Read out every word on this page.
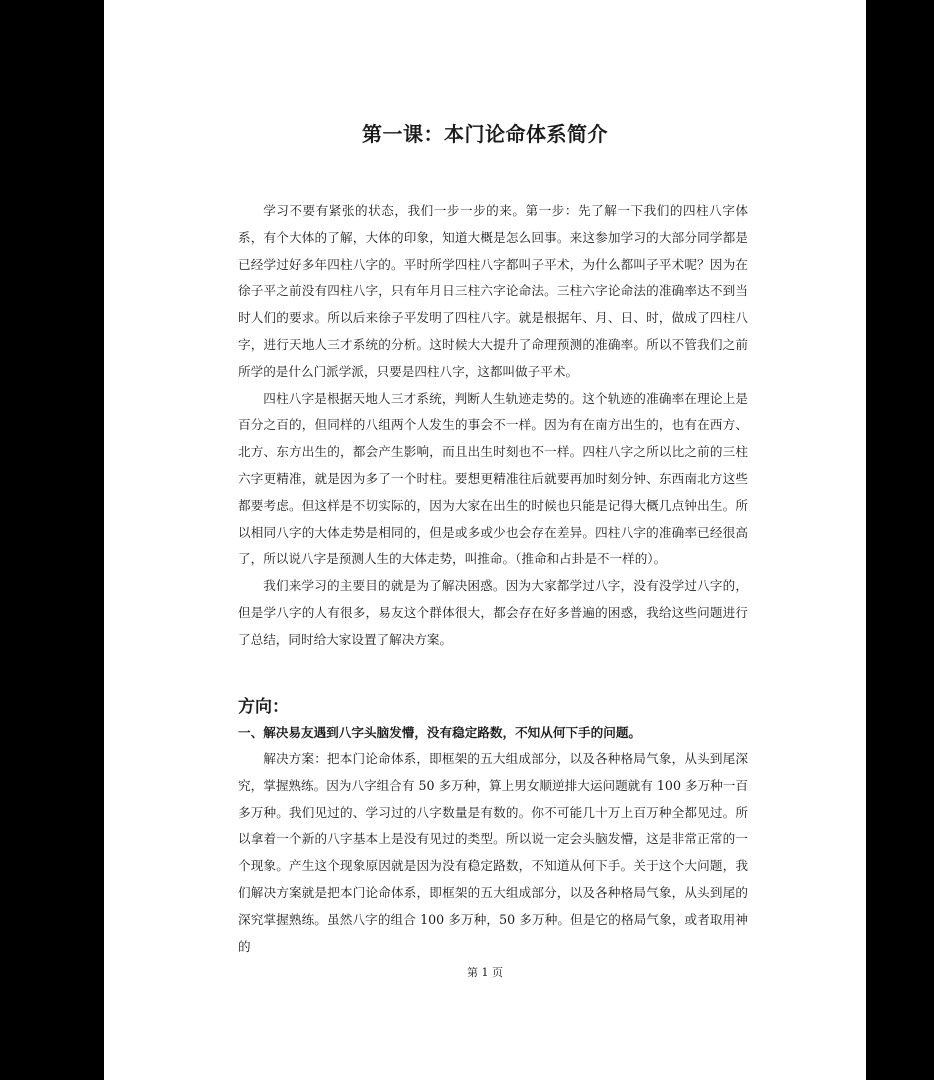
第一课：本门论命体系简介

学习不要有紧张的状态，我们一步一步的来。第一步：先了解一下我们的四柱八字体系，有个大体的了解，大体的印象，知道大概是怎么回事。来这参加学习的大部分同学都是已经学过好多年四柱八字的。平时所学四柱八字都叫子平术，为什么都叫子平术呢？因为在徐子平之前没有四柱八字，只有年月日三柱六字论命法。三柱六字论命法的准确率达不到当时人们的要求。所以后来徐子平发明了四柱八字。就是根据年、月、日、时，做成了四柱八字，进行天地人三才系统的分析。这时候大大提升了命理预测的准确率。所以不管我们之前所学的是什么门派学派，只要是四柱八字，这都叫做子平术。

四柱八字是根据天地人三才系统，判断人生轨迹走势的。这个轨迹的准确率在理论上是百分之百的，但同样的八组两个人发生的事会不一样。因为有在南方出生的，也有在西方、北方、东方出生的，都会产生影响，而且出生时刻也不一样。四柱八字之所以比之前的三柱六字更精准，就是因为多了一个时柱。要想更精准往后就要再加时刻分钟、东西南北方这些都要考虑。但这样是不切实际的，因为大家在出生的时候也只能是记得大概几点钟出生。所以相同八字的大体走势是相同的，但是或多或少也会存在差异。四柱八字的准确率已经很高了，所以说八字是预测人生的大体走势，叫推命。（推命和占卦是不一样的）。

我们来学习的主要目的就是为了解决困惑。因为大家都学过八字，没有没学过八字的，但是学八字的人有很多，易友这个群体很大，都会存在好多普遍的困惑，我给这些问题进行了总结，同时给大家设置了解决方案。

方向：
一、解决易友遇到八字头脑发懵，没有稳定路数，不知从何下手的问题。

解决方案：把本门论命体系，即框架的五大组成部分，以及各种格局气象，从头到尾深究，掌握熟练。因为八字组合有 50 多万种，算上男女顺逆排大运问题就有 100 多万种一百多万种。我们见过的、学习过的八字数量是有数的。你不可能几十万上百万种全都见过。所以拿着一个新的八字基本上是没有见过的类型。所以说一定会头脑发懵，这是非常正常的一个现象。产生这个现象原因就是因为没有稳定路数，不知道从何下手。关于这个大问题，我们解决方案就是把本门论命体系，即框架的五大组成部分，以及各种格局气象，从头到尾的深究掌握熟练。虽然八字的组合 100 多万种，50 多万种。但是它的格局气象，或者取用神的

第 1 页
